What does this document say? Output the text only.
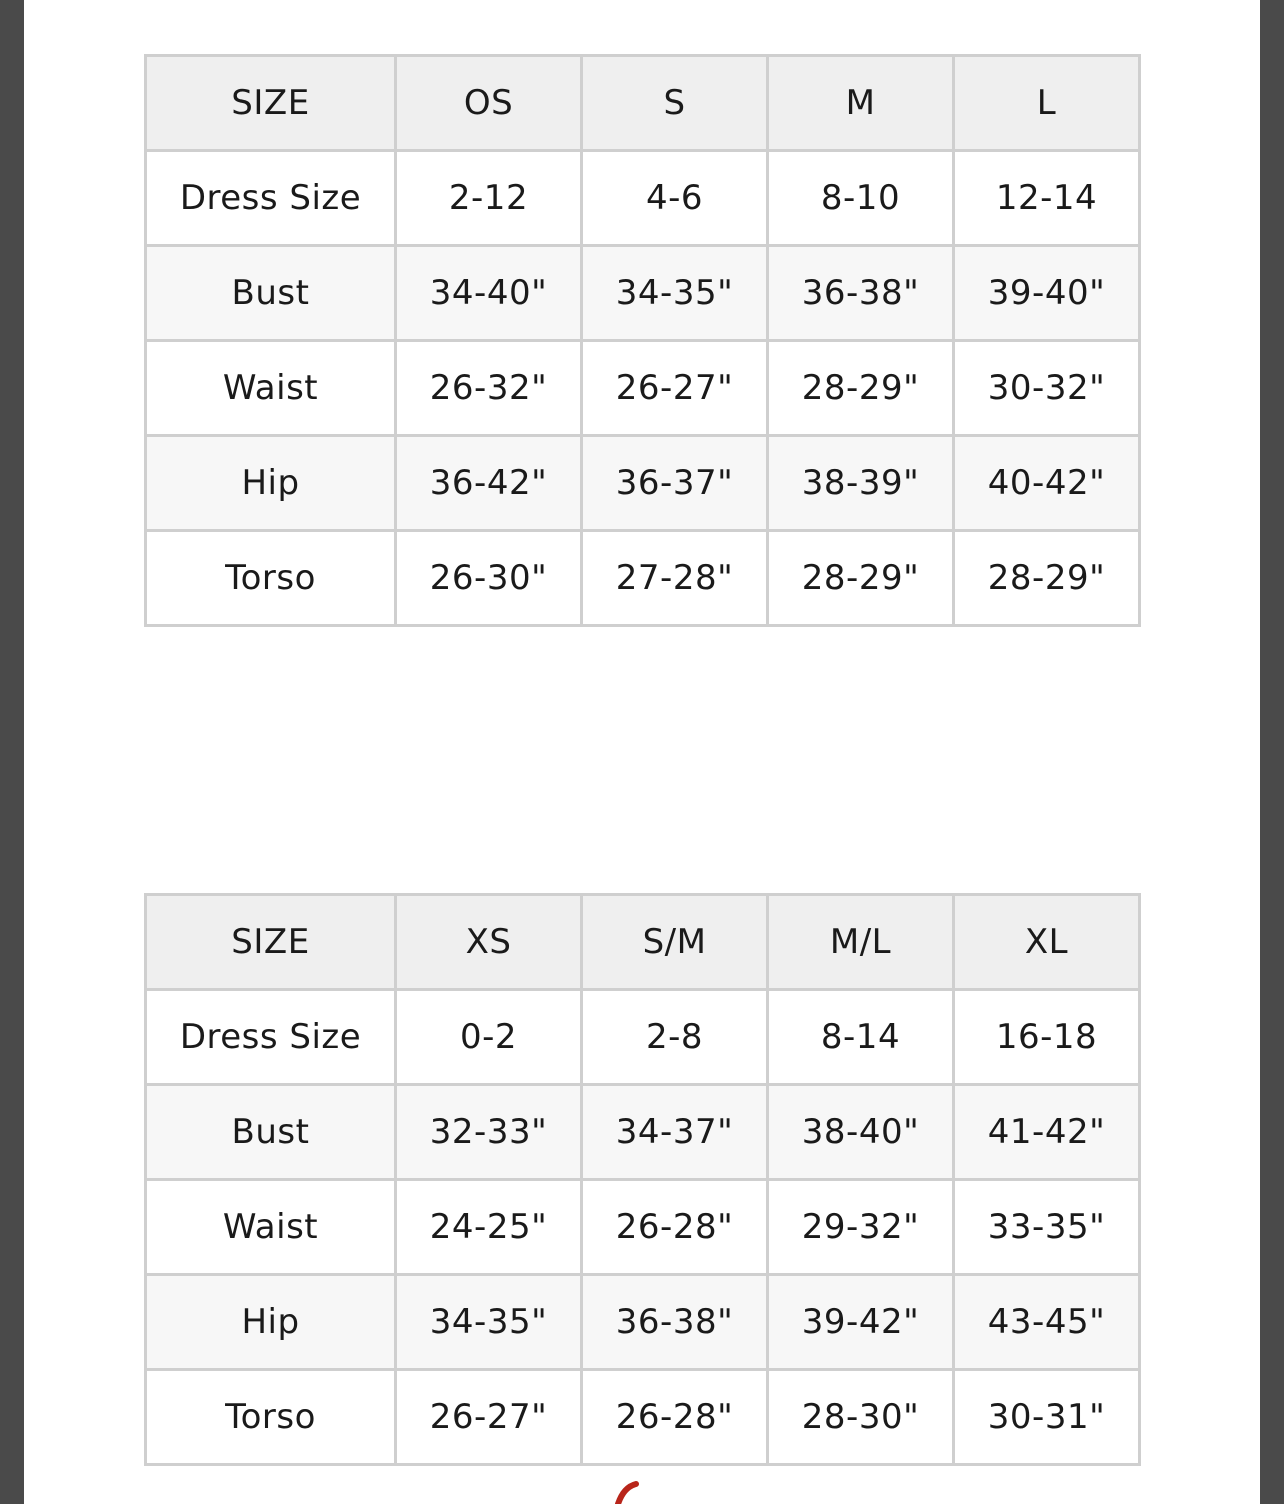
SIZE	OS	S	M	L
Dress Size	2-12	4-6	8-10	12-14
Bust	34-40"	34-35"	36-38"	39-40"
Waist	26-32"	26-27"	28-29"	30-32"
Hip	36-42"	36-37"	38-39"	40-42"
Torso	26-30"	27-28"	28-29"	28-29"
SIZE	XS	S/M	M/L	XL
Dress Size	0-2	2-8	8-14	16-18
Bust	32-33"	34-37"	38-40"	41-42"
Waist	24-25"	26-28"	29-32"	33-35"
Hip	34-35"	36-38"	39-42"	43-45"
Torso	26-27"	26-28"	28-30"	30-31"
